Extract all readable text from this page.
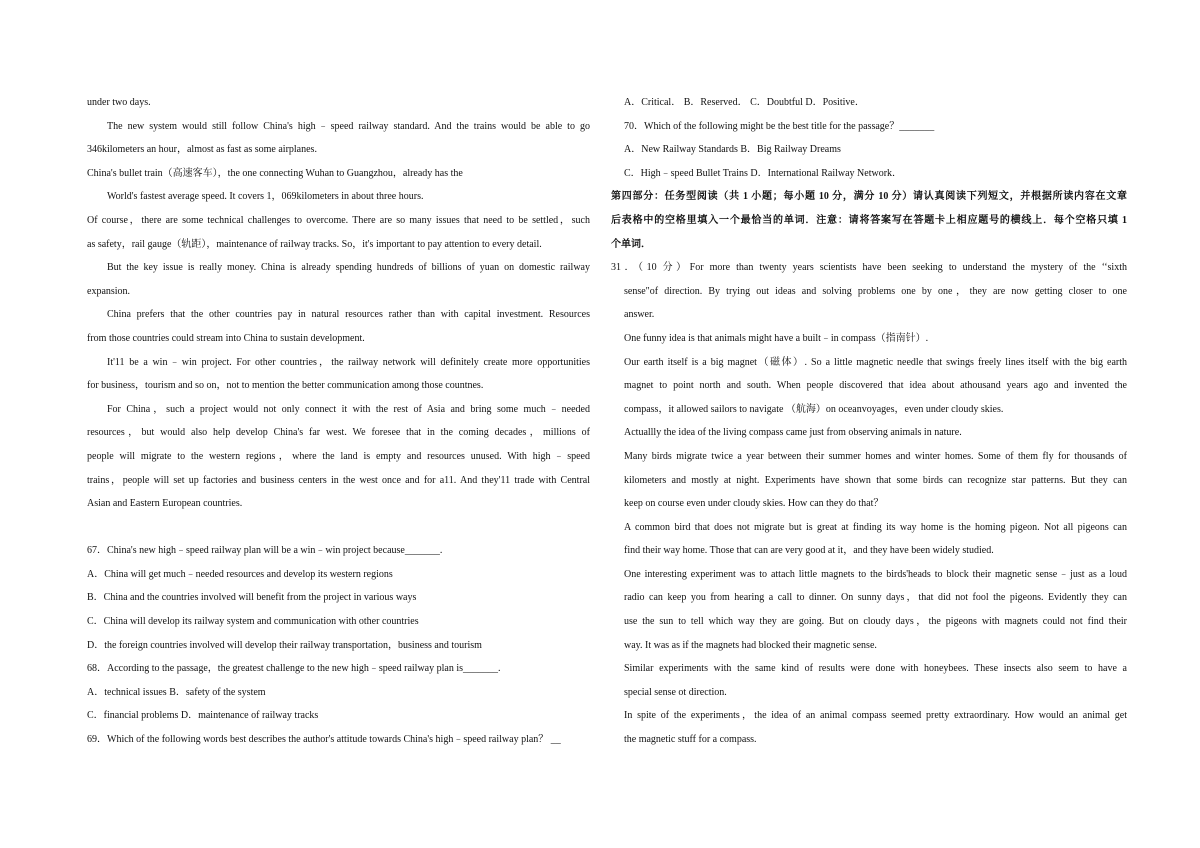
under two days.
The new system would still follow China's high﹣speed railway standard. And the trains would be able to go
346kilometers an hour，almost as fast as some airplanes.
China's bullet train（高速客车），the one connecting Wuhan to Guangzhou，already has the
World's fastest average speed. It covers 1，069kilometers in about three hours.
Of course，there are some technical challenges to overcome. There are so many issues that need to be settled，such
as safety，rail gauge（轨距），maintenance of railway tracks. So，it's important to pay attention to every detail.
But the key issue is really money. China is already spending hundreds of billions of yuan on domestic railway
expansion.
China prefers that the other countries pay in natural resources rather than with capital investment. Resources
from those countries could stream into China to sustain development.
It'11 be a win﹣win project. For other countries，the railway network will definitely create more opportunities
for business，tourism and so on，not to mention the better communication among those countnes.
For China，such a project would not only connect it with the rest of Asia and bring some much﹣needed
resources，but would also help develop China's far west. We foresee that in the coming decades，millions of
people will migrate to the western regions，where the land is empty and resources unused. With high﹣speed
trains，people will set up factories and business centers in the west once and for a11. And they'11 trade with Central
Asian and Eastern European countries.
67．China's new high﹣speed railway plan will be a win﹣win project because_______.
A．China will get much﹣needed resources and develop its western regions
B．China and the countries involved will benefit from the project in various ways
C．China will develop its railway system and communication with other countries
D．the foreign countries involved will develop their railway transportation，business and tourism
68．According to the passage，the greatest challenge to the new high﹣speed railway plan is_______.
A．technical issues B．safety of the system
C．financial problems D．maintenance of railway tracks
69．Which of the following words best describes the author's attitude towards China's high﹣speed railway plan？ __
A．Critical． B．Reserved． C．Doubtful D．Positive．
70．Which of the following might be the best title for the passage？_______
A．New Railway Standards B．Big Railway Dreams
C．High﹣speed Bullet Trains D．International Railway Network．
第四部分：任务型阅读（共 1 小题；每小题 10 分，满分 10 分）请认真阅读下列短文，并根据所读内容在文章
后表格中的空格里填入一个最恰当的单词．注意：请将答案写在答题卡上相应题号的横线上．每个空格只填 1
个单词．
31．（10 分）For more than twenty years scientists have been seeking to understand the mystery of the ‘‘sixth
sense"of direction. By trying out ideas and solving problems one by one，they are now getting closer to one
answer.
One funny idea is that animals might have a built﹣in compass（指南针）.
Our earth itself is a big magnet（磁体）. So a little magnetic needle that swings freely lines itself with the big earth
magnet to point north and south. When people discovered that idea about athousand years ago and invented the
compass，it allowed sailors to navigate （航海）on oceanvoyages，even under cloudy skies.
Actuallly the idea of the living compass came just from observing animals in nature.
Many birds migrate twice a year between their summer homes and winter homes. Some of them fly for thousands of
kilometers and mostly at night. Experiments have shown that some birds can recognize star patterns. But they can
keep on course even under cloudy skies. How can they do that？
A common bird that does not migrate but is great at finding its way home is the homing pigeon. Not all pigeons can
find their way home. Those that can are very good at it，and they have been widely studied.
One interesting experiment was to attach little magnets to the birds'heads to block their magnetic sense﹣just as a loud
radio can keep you from hearing a call to dinner. On sunny days，that did not fool the pigeons. Evidently they can
use the sun to tell which way they are going. But on cloudy days，the pigeons with magnets could not find their
way. It was as if the magnets had blocked their magnetic sense.
Similar experiments with the same kind of results were done with honeybees. These insects also seem to have a
special sense ot direction.
In spite of the experiments，the idea of an animal compass seemed pretty extraordinary. How would an animal get
the magnetic stuff for a compass.
